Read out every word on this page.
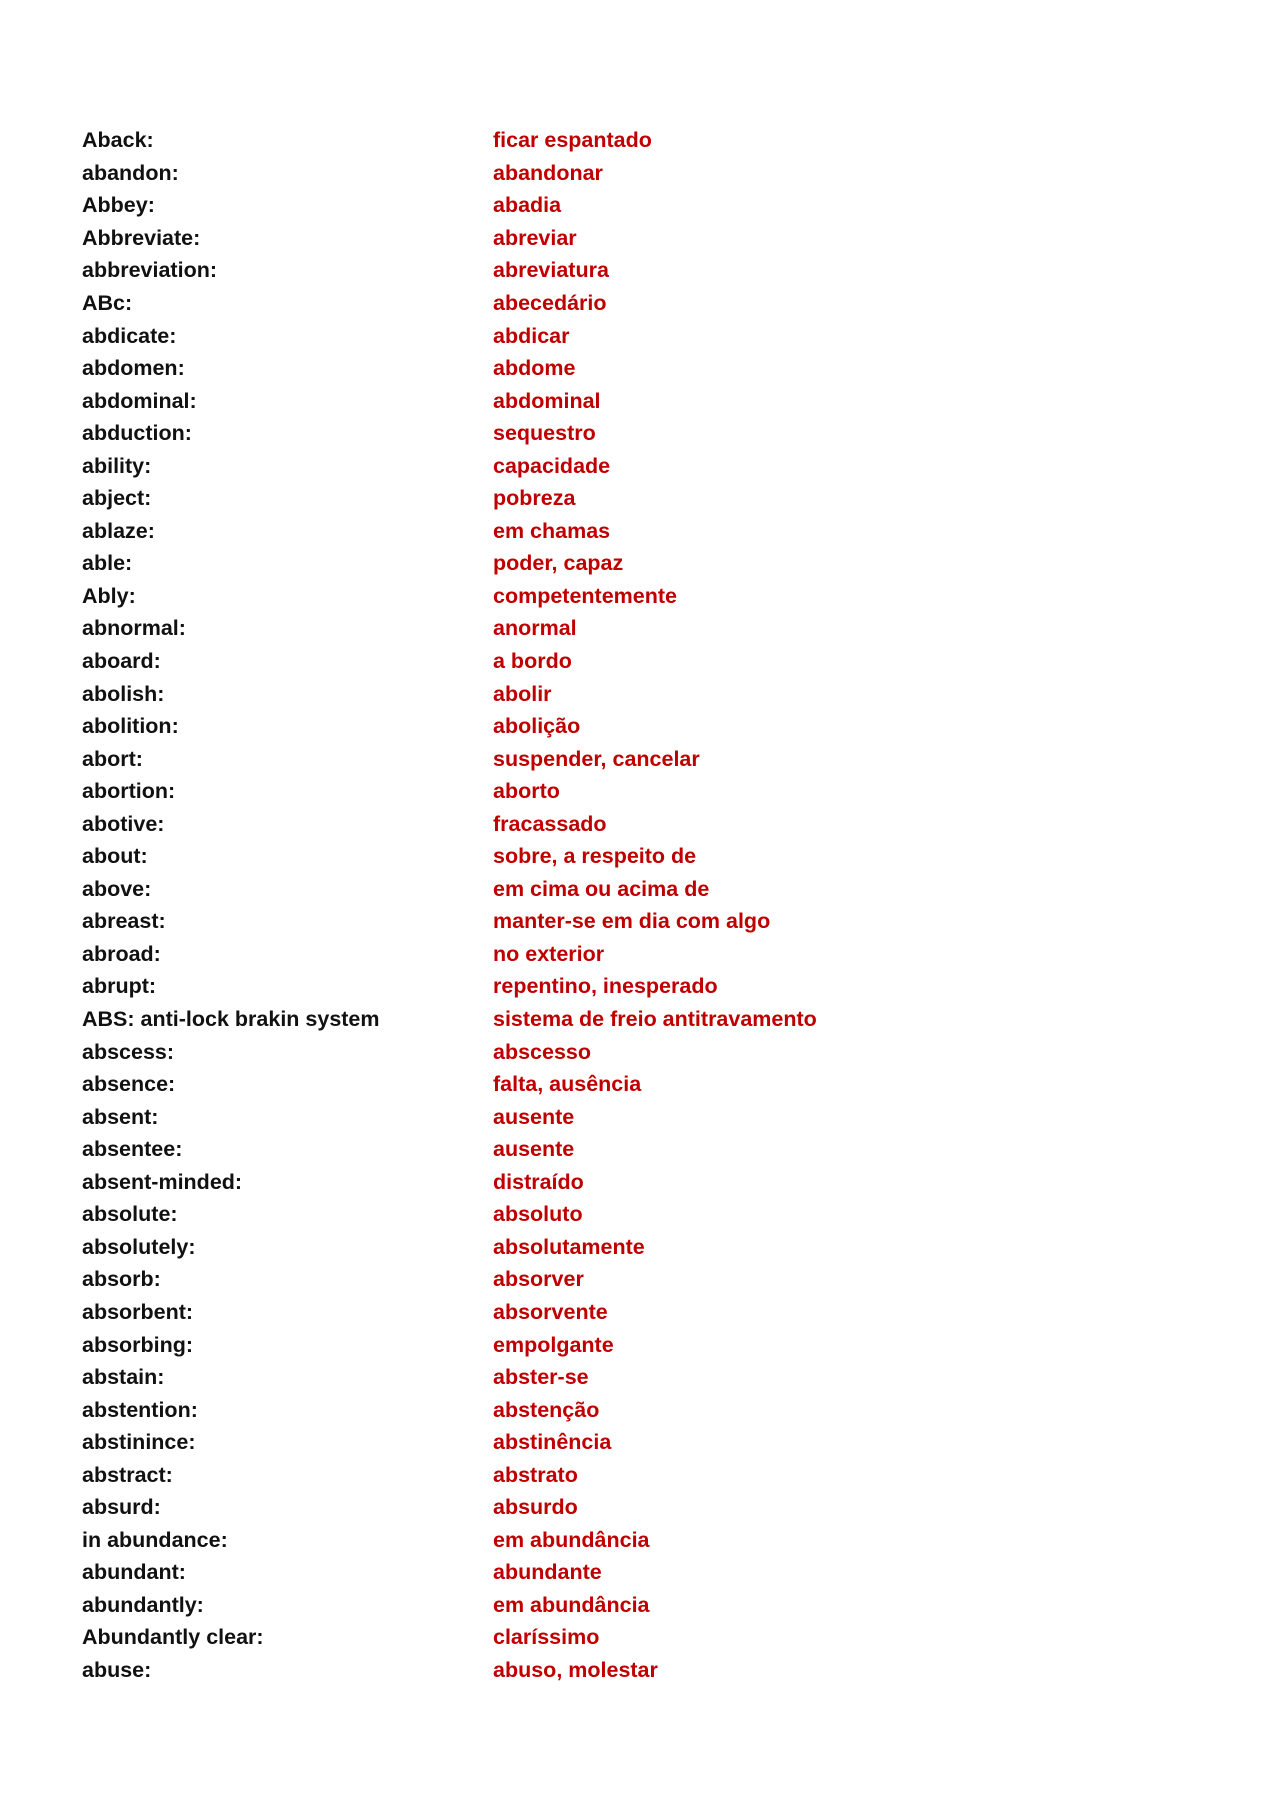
Aback:	ficar espantado
abandon:	abandonar
Abbey:	abadia
Abbreviate:	abreviar
abbreviation:	abreviatura
ABc:	abecedário
abdicate:	abdicar
abdomen:	abdome
abdominal:	abdominal
abduction:	sequestro
ability:	capacidade
abject:	pobreza
ablaze:	em chamas
able:	poder, capaz
Ably:	competentemente
abnormal:	anormal
aboard:	a bordo
abolish:	abolir
abolition:	abolição
abort:	suspender, cancelar
abortion:	aborto
abotive:	fracassado
about:	sobre, a respeito de
above:	em cima ou acima de
abreast:	manter-se em dia com algo
abroad:	no exterior
abrupt:	repentino, inesperado
ABS: anti-lock brakin system	sistema de freio antitravamento
abscess:	abscesso
absence:	falta, ausência
absent:	ausente
absentee:	ausente
absent-minded:	distraído
absolute:	absoluto
absolutely:	absolutamente
absorb:	absorver
absorbent:	absorvente
absorbing:	empolgante
abstain:	abster-se
abstention:	abstenção
abstinince:	abstinência
abstract:	abstrato
absurd:	absurdo
in abundance:	em abundância
abundant:	abundante
abundantly:	em abundância
Abundantly clear:	claríssimo
abuse:	abuso, molestar
